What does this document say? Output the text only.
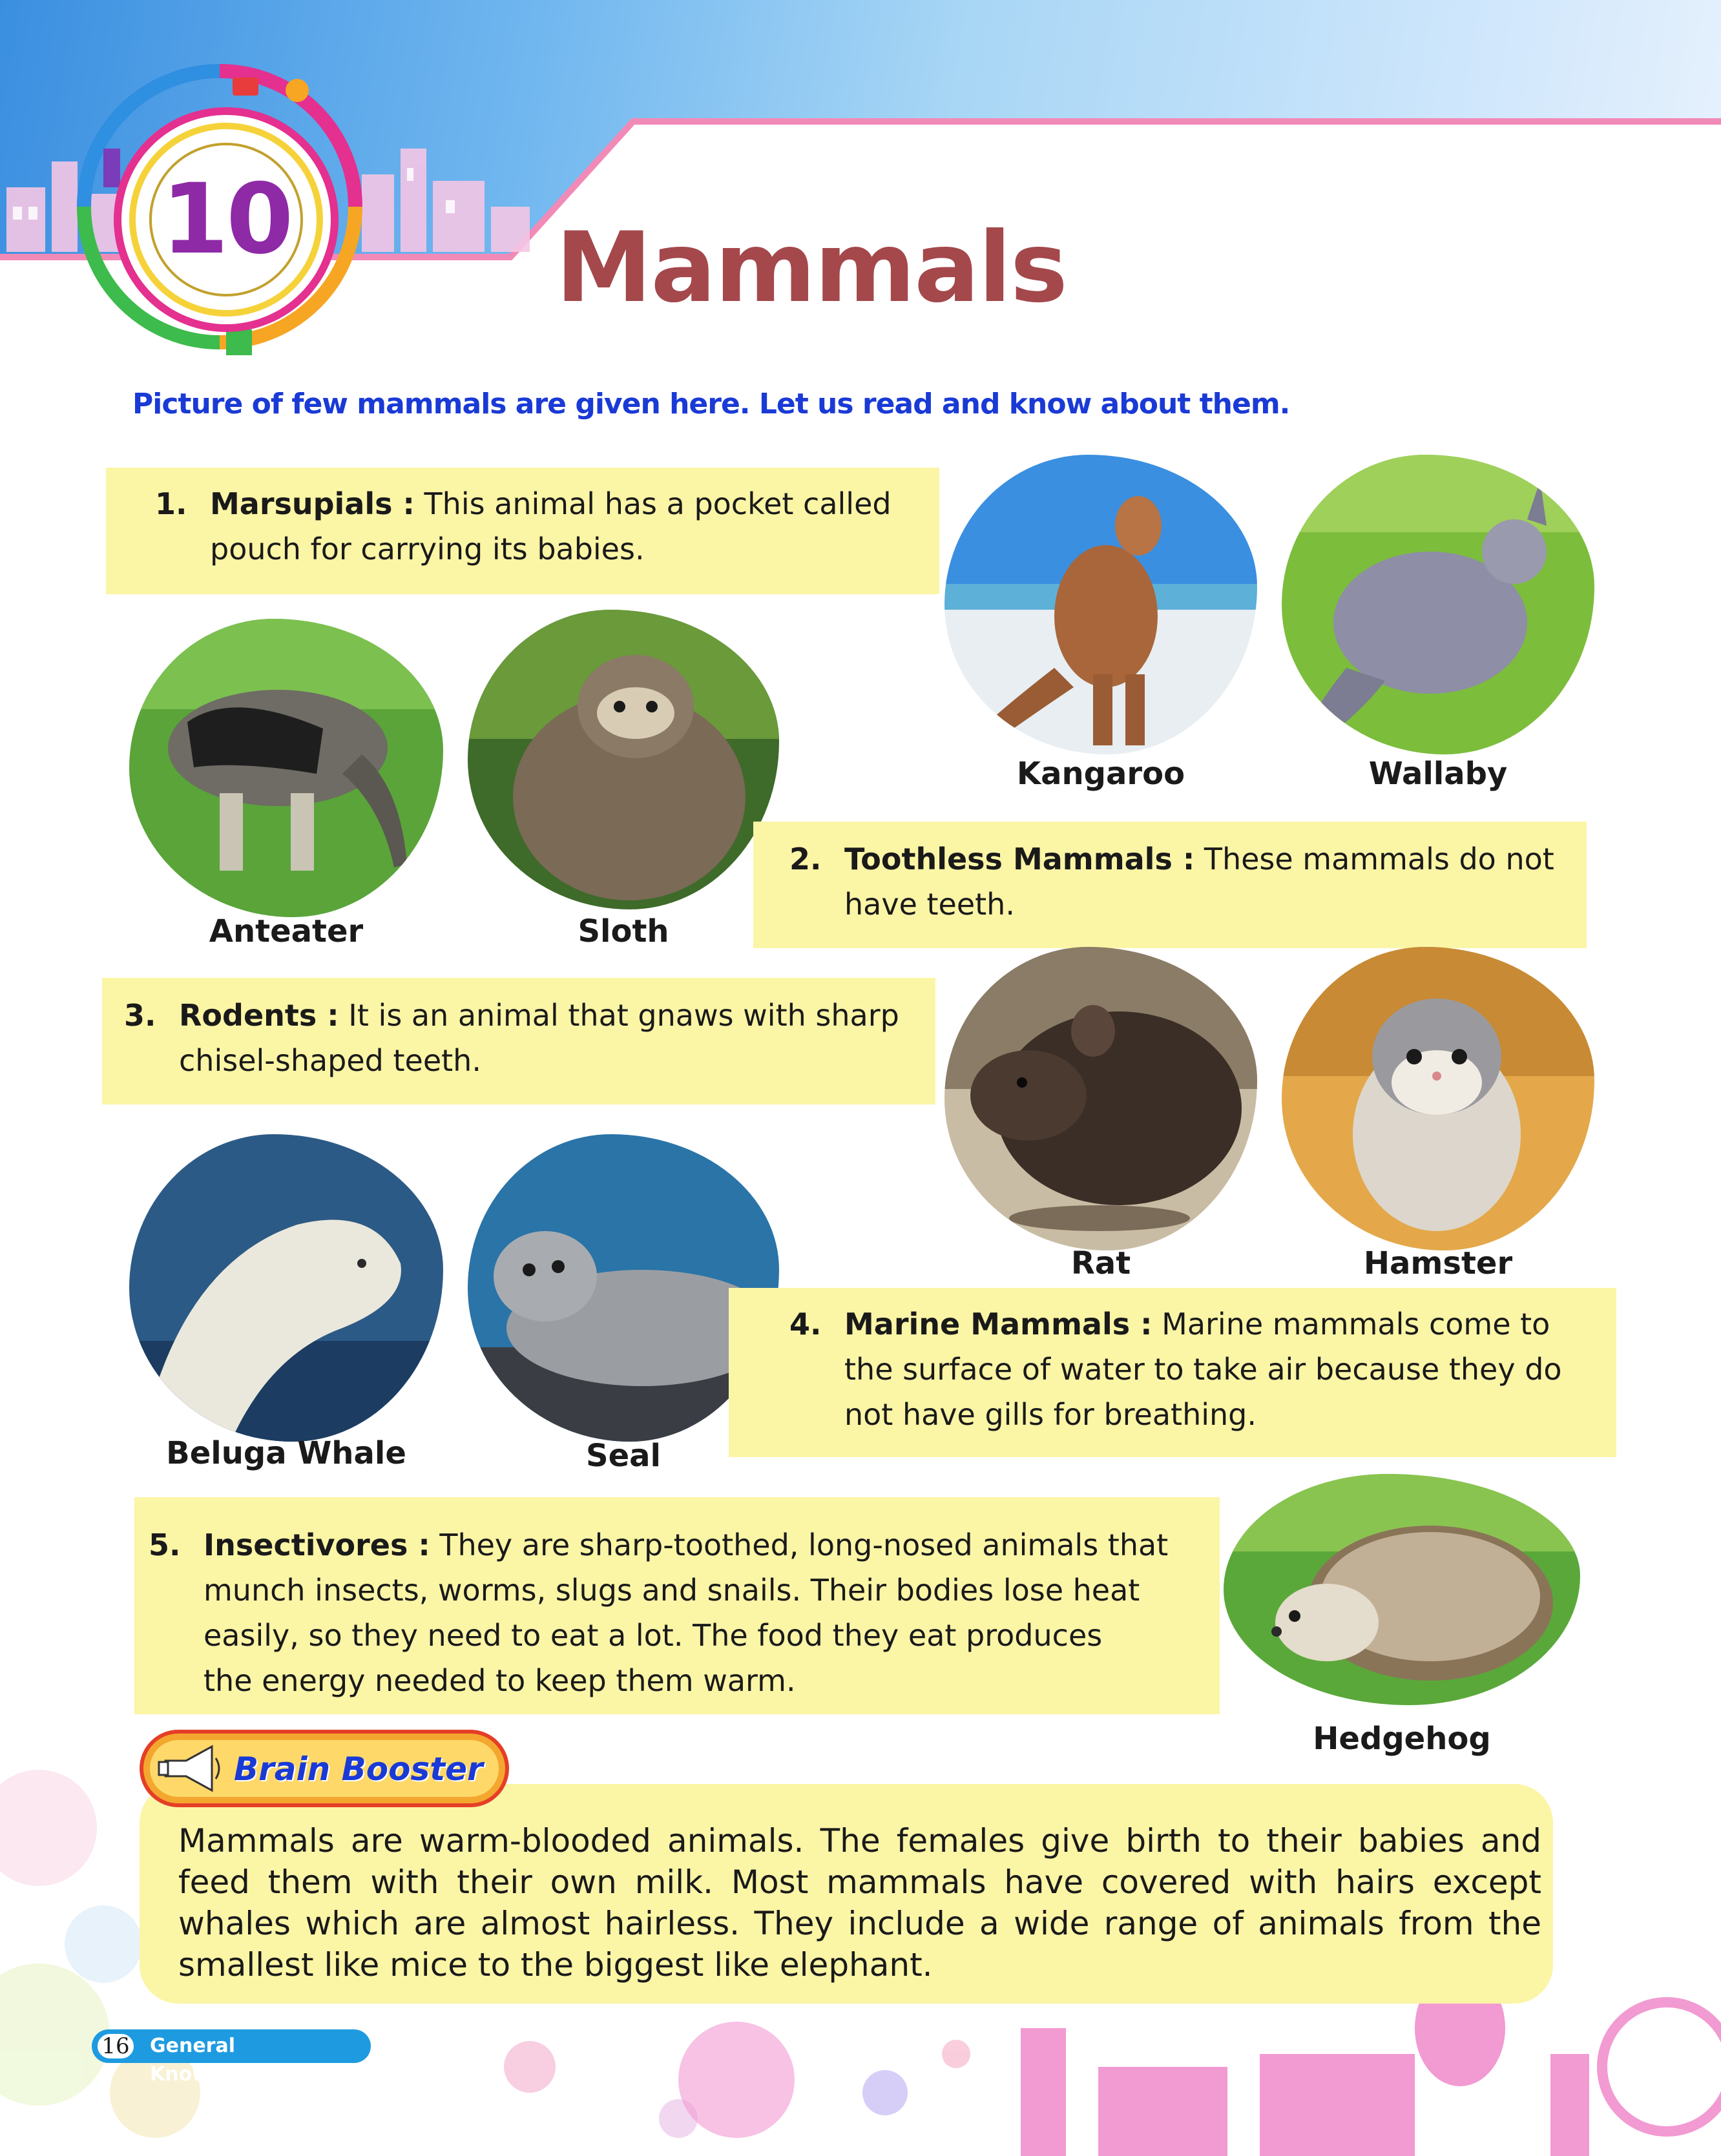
10	Mammals
Picture of few mammals are given here. Let us read and know about them.
1. Marsupials : This animal has a pocket called
pouch for carrying its babies.
Kangaroo	Wallaby
Anteater	Sloth
2. Toothless Mammals : These mammals do not
have teeth.
3. Rodents : It is an animal that gnaws with sharp
chisel-shaped teeth.
Rat	Hamster
Beluga Whale	Seal
4. Marine Mammals : Marine mammals come to
the surface of water to take air because they do
not have gills for breathing.
5. Insectivores : They are sharp-toothed, long-nosed animals that
munch insects, worms, slugs and snails. Their bodies lose heat
easily, so they need to eat a lot. The food they eat produces
the energy needed to keep them warm.
Hedgehog
Brain Booster
Mammals are warm-blooded animals. The females give birth to their babies and feed them with their own milk. Most mammals have covered with hairs except whales which are almost hairless. They include a wide range of animals from the smallest like mice to the biggest like elephant.
16	General Knowledge-6
